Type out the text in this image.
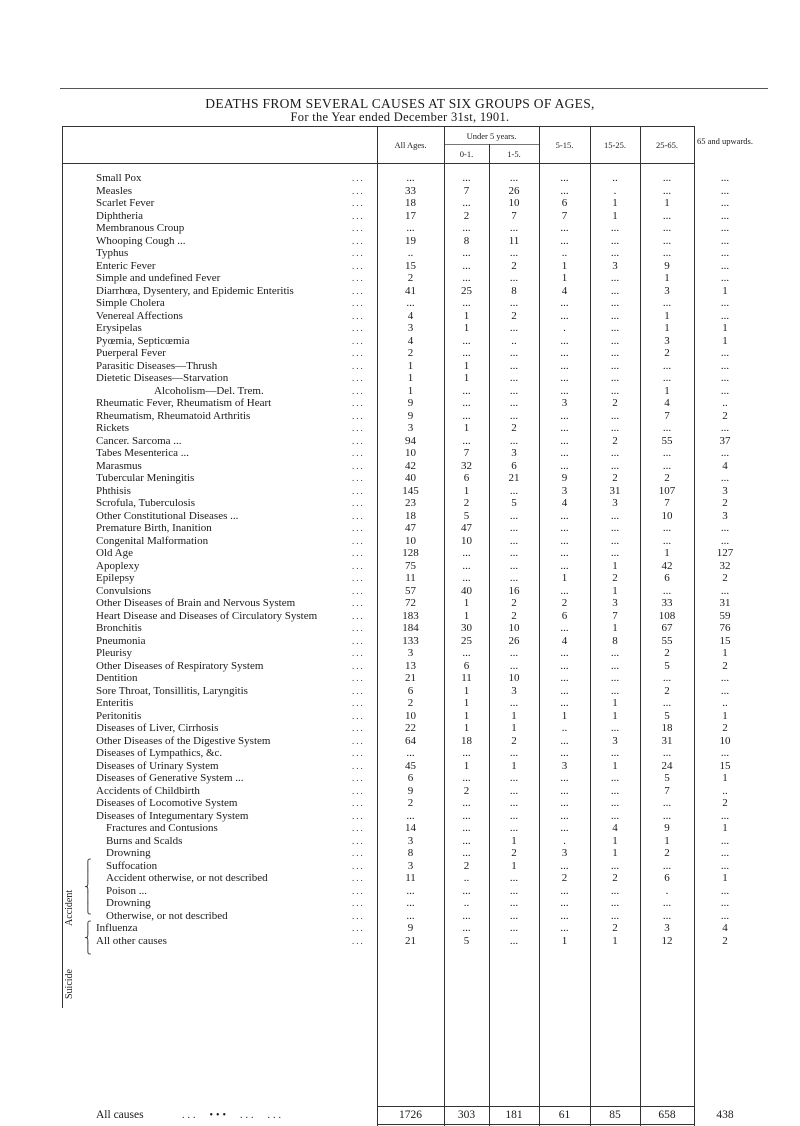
DEATHS FROM SEVERAL CAUSES AT SIX GROUPS OF AGES,
For the Year ended December 31st, 1901.
All Ages.
Under 5 years.
0-1.	1-5.
5-15.	15-25.	25-65.	65 and upwards.
Small Pox	...	...	...	...	...	..	...	...
Measles	...	33	7	26	...	.	...	...
Scarlet Fever	...	18	...	10	6	1	1	...
Diphtheria	...	17	2	7	7	1	...	...
Membranous Croup	...	...	...	...	...	...	...	...
Whooping Cough ...	...	19	8	11	...	...	...	...
Typhus	...	..	...	...	..	...	...	...
Enteric Fever	...	15	...	2	1	3	9	...
Simple and undefined Fever	...	2	...	...	1	...	1	...
Diarrhœa, Dysentery, and Epidemic Enteritis	...	41	25	8	4	...	3	1
Simple Cholera	...	...	...	...	...	...	...	...
Venereal Affections	...	4	1	2	...	...	1	...
Erysipelas	...	3	1	...	.	...	1	1
Pyœmia, Septicœmia	...	4	...	..	...	...	3	1
Puerperal Fever	...	2	...	...	...	...	2	...
Parasitic Diseases—Thrush	...	1	1	...	...	...	...	...
Dietetic Diseases—Starvation	...	1	1	...	...	...	...	...
Alcoholism—Del. Trem.	...	1	...	...	...	...	1	...
Rheumatic Fever, Rheumatism of Heart	...	9	...	...	3	2	4	..
Rheumatism, Rheumatoid Arthritis	...	9	...	...	...	...	7	2
Rickets	...	3	1	2	...	...	...	...
Cancer. Sarcoma ...	...	94	...	...	...	2	55	37
Tabes Mesenterica ...	...	10	7	3	...	...	...	...
Marasmus	...	42	32	6	...	...	...	4
Tubercular Meningitis	...	40	6	21	9	2	2	...
Phthisis	...	145	1	...	3	31	107	3
Scrofula, Tuberculosis	...	23	2	5	4	3	7	2
Other Constitutional Diseases ...	...	18	5	...	...	...	10	3
Premature Birth, Inanition	...	47	47	...	...	...	...	...
Congenital Malformation	...	10	10	...	...	...	...	...
Old Age	...	128	...	...	...	...	1	127
Apoplexy	...	75	...	...	...	1	42	32
Epilepsy	...	11	...	...	1	2	6	2
Convulsions	...	57	40	16	...	1	...	...
Other Diseases of Brain and Nervous System	...	72	1	2	2	3	33	31
Heart Disease and Diseases of Circulatory System	...	183	1	2	6	7	108	59
Bronchitis	...	184	30	10	...	1	67	76
Pneumonia	...	133	25	26	4	8	55	15
Pleurisy	...	3	...	...	...	...	2	1
Other Diseases of Respiratory System	...	13	6	...	...	...	5	2
Dentition	...	21	11	10	...	...	...	...
Sore Throat, Tonsillitis, Laryngitis	...	6	1	3	...	...	2	...
Enteritis	...	2	1	...	...	1	...	..
Peritonitis	...	10	1	1	1	1	5	1
Diseases of Liver, Cirrhosis	...	22	1	1	..	...	18	2
Other Diseases of the Digestive System	...	64	18	2	...	3	31	10
Diseases of Lympathics, &c.	...	...	...	...	...	...	...	...
Diseases of Urinary System	...	45	1	1	3	1	24	15
Diseases of Generative System ...	...	6	...	...	...	...	5	1
Accidents of Childbirth	...	9	2	...	...	...	7	..
Diseases of Locomotive System	...	2	...	...	...	...	...	2
Diseases of Integumentary System	...	...	...	...	...	...	...	...
Fractures and Contusions	...	14	...	...	...	4	9	1
Burns and Scalds	...	3	...	1	.	1	1	...
Drowning	...	8	...	2	3	1	2	...
Suffocation	...	3	2	1	...	...	...	...
Accident otherwise, or not described	...	11	..	...	2	2	6	1
Poison ...	...	...	...	...	...	...	.	...
Drowning	...	...	..	...	...	...	...	...
Otherwise, or not described	...	...	...	...	...	...	...	...
Influenza	...	9	...	...	...	2	3	4
All other causes	...	21	5	...	1	1	12	2
Accident
Suicide
⎧
⎪
⎨
⎪
⎩
⎧
⎨
⎩
All causes	...  •••  ...  ...	1726	303	181	61	85	658	438
